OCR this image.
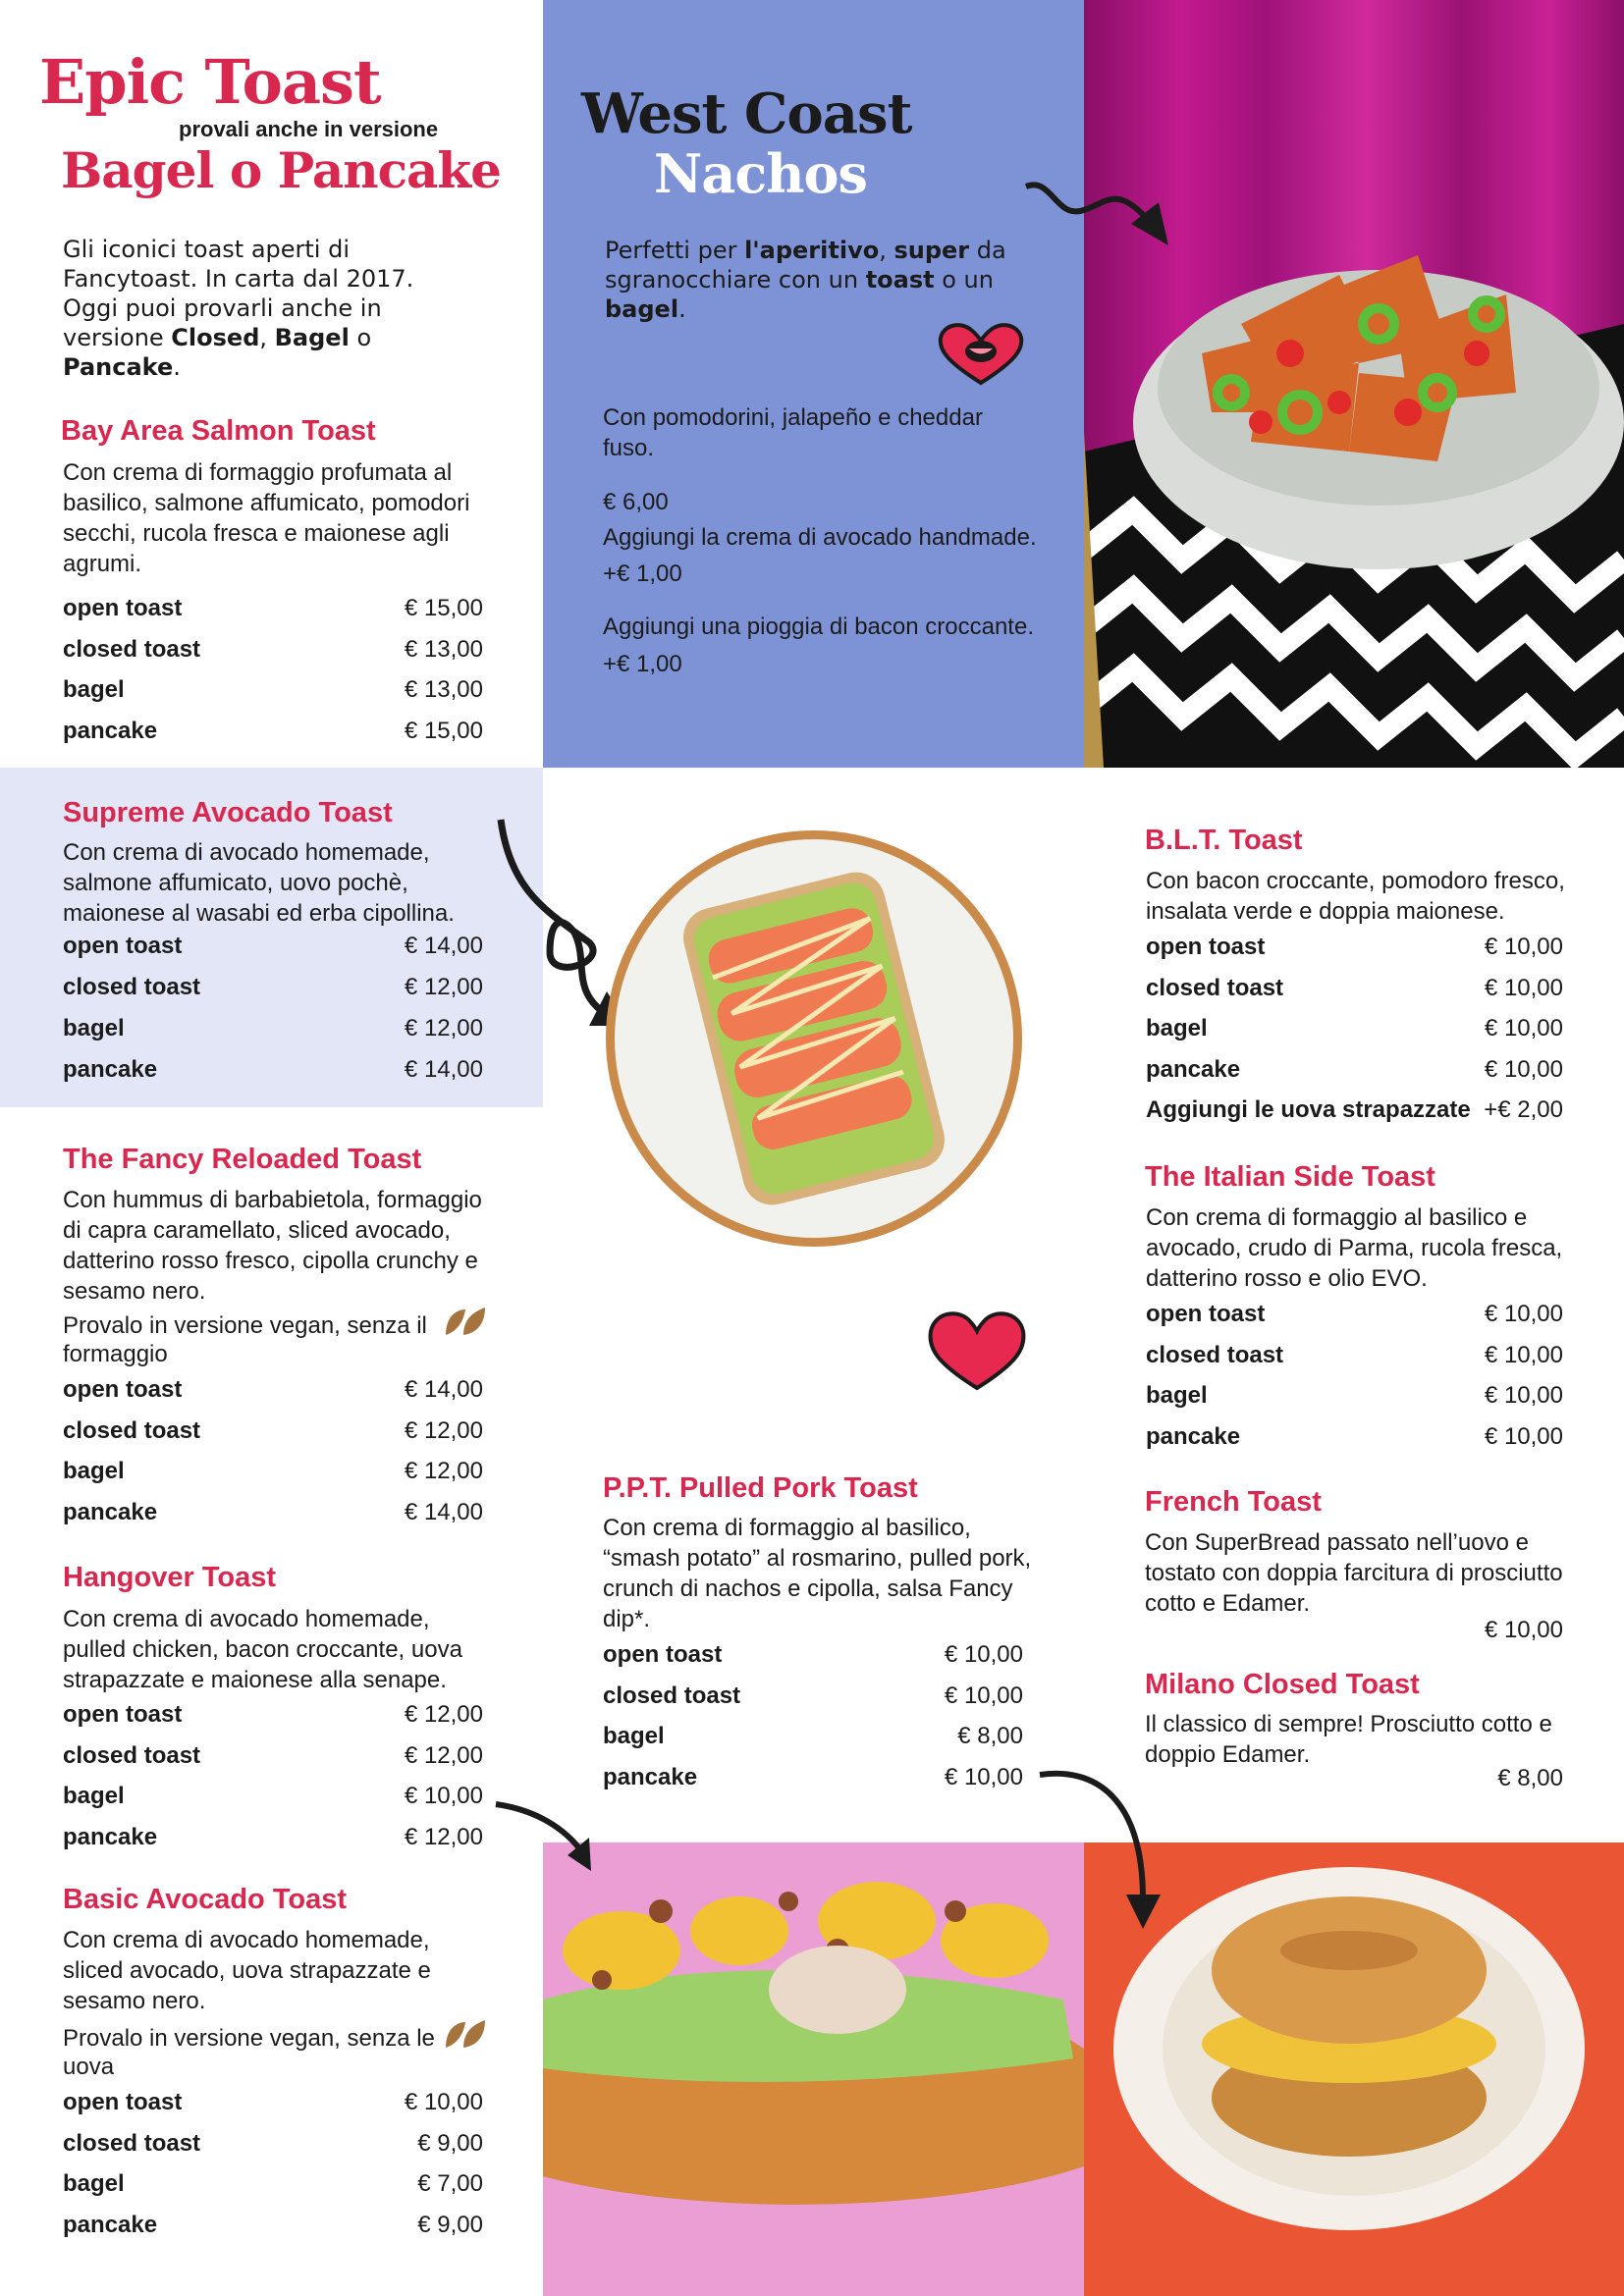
Epic Toast
provali anche in versione
Bagel o Pancake
Gli iconici toast aperti di Fancytoast. In carta dal 2017. Oggi puoi provarli anche in versione Closed, Bagel o Pancake.
West Coast
Nachos
Perfetti per l'aperitivo, super da sgranocchiare con un toast o un bagel.
Con pomodorini, jalapeño e cheddar fuso.
€ 6,00
Aggiungi la crema di avocado handmade.
+€ 1,00
Aggiungi una pioggia di bacon croccante.
+€ 1,00
Bay Area Salmon Toast
Con crema di formaggio profumata al basilico, salmone affumicato, pomodori secchi, rucola fresca e maionese agli agrumi.
open toast	€ 15,00
closed toast	€ 13,00
bagel	€ 13,00
pancake	€ 15,00
Supreme Avocado Toast
Con crema di avocado homemade, salmone affumicato, uovo pochè, maionese al wasabi ed erba cipollina.
open toast	€ 14,00
closed toast	€ 12,00
bagel	€ 12,00
pancake	€ 14,00
The Fancy Reloaded Toast
Con hummus di barbabietola, formaggio di capra caramellato, sliced avocado, datterino rosso fresco, cipolla crunchy e sesamo nero.
Provalo in versione vegan, senza il formaggio
open toast	€ 14,00
closed toast	€ 12,00
bagel	€ 12,00
pancake	€ 14,00
Hangover Toast
Con crema di avocado homemade, pulled chicken, bacon croccante, uova strapazzate e maionese alla senape.
open toast	€ 12,00
closed toast	€ 12,00
bagel	€ 10,00
pancake	€ 12,00
Basic Avocado Toast
Con crema di avocado homemade, sliced avocado, uova strapazzate e sesamo nero.
Provalo in versione vegan, senza le uova
open toast	€ 10,00
closed toast	€ 9,00
bagel	€ 7,00
pancake	€ 9,00
P.P.T. Pulled Pork Toast
Con crema di formaggio al basilico, “smash potato” al rosmarino, pulled pork, crunch di nachos e cipolla, salsa Fancy dip*.
open toast	€ 10,00
closed toast	€ 10,00
bagel	€ 8,00
pancake	€ 10,00
B.L.T. Toast
Con bacon croccante, pomodoro fresco, insalata verde e doppia maionese.
open toast	€ 10,00
closed toast	€ 10,00
bagel	€ 10,00
pancake	€ 10,00
Aggiungi le uova strapazzate +€ 2,00
The Italian Side Toast
Con crema di formaggio al basilico e avocado, crudo di Parma, rucola fresca, datterino rosso e olio EVO.
open toast	€ 10,00
closed toast	€ 10,00
bagel	€ 10,00
pancake	€ 10,00
French Toast
Con SuperBread passato nell’uovo e tostato con doppia farcitura di prosciutto cotto e Edamer.
€ 10,00
Milano Closed Toast
Il classico di sempre! Prosciutto cotto e doppio Edamer.
€ 8,00
